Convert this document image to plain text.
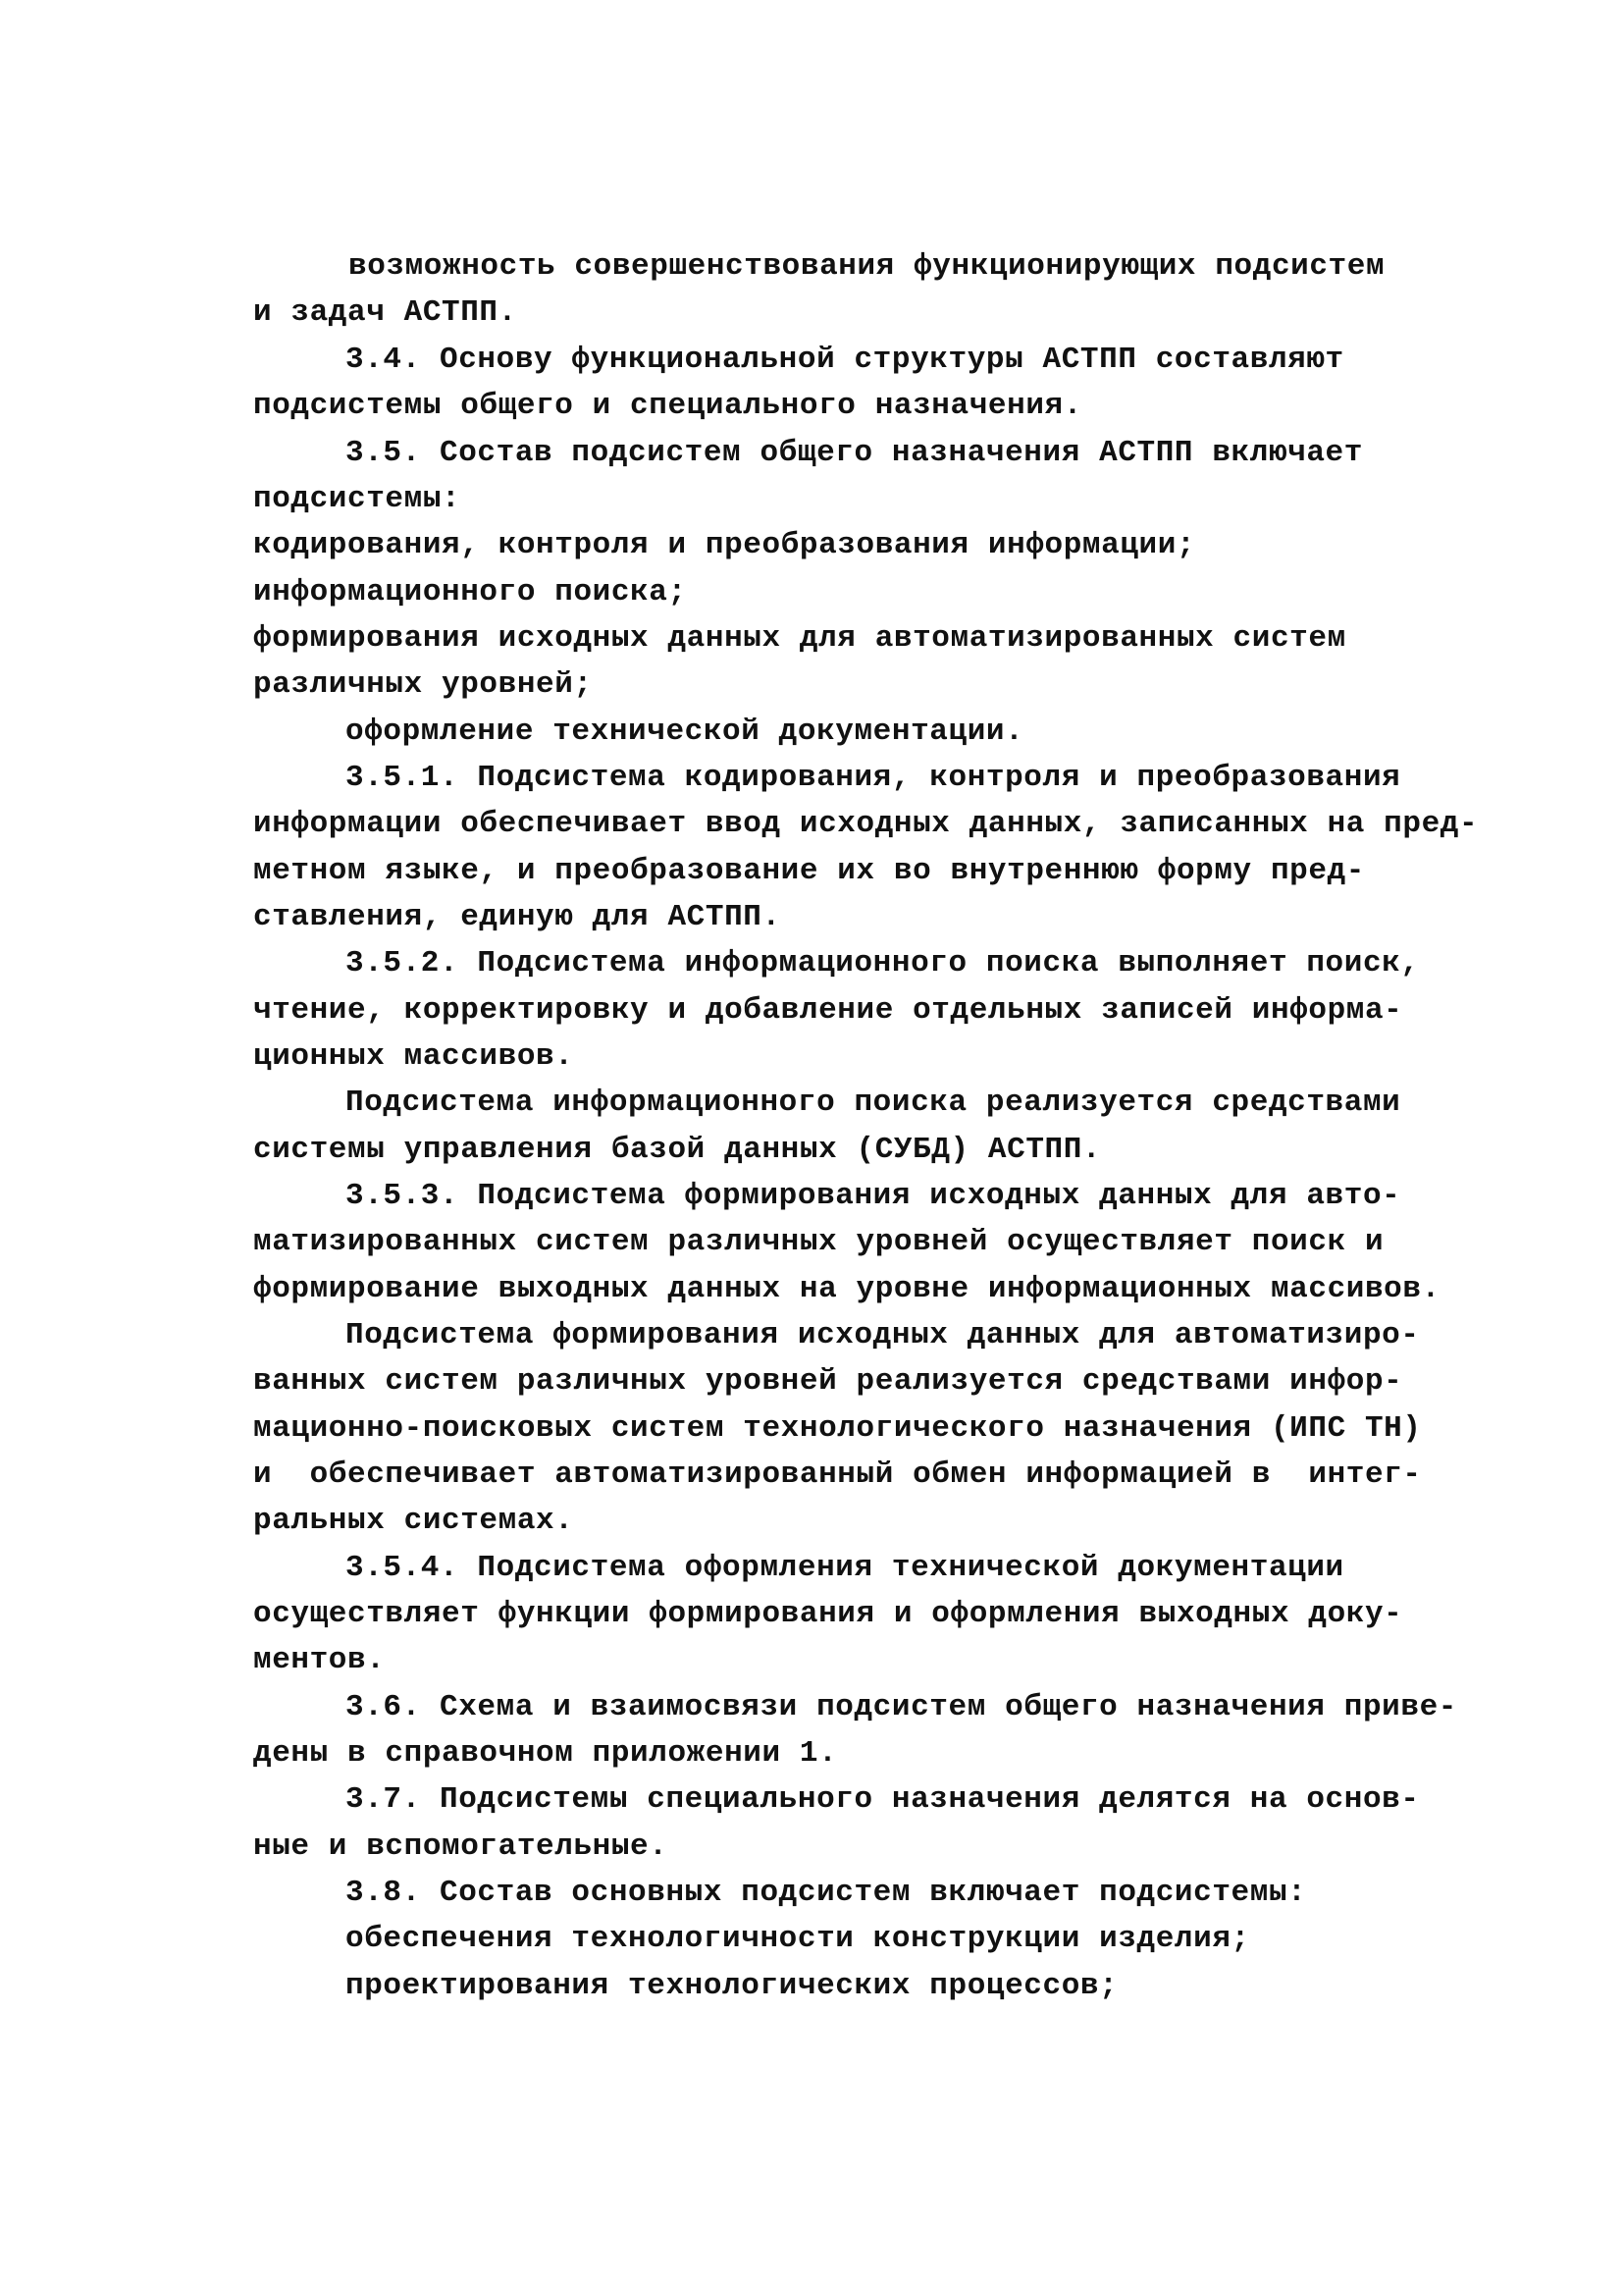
возможность совершенствования функционирующих подсистем
и задач АСТПП.
3.4. Основу функциональной структуры АСТПП составляют
подсистемы общего и специального назначения.
3.5. Состав подсистем общего назначения АСТПП включает
подсистемы:
кодирования, контроля и преобразования информации;
информационного поиска;
формирования исходных данных для автоматизированных систем
различных уровней;
оформление технической документации.
3.5.1. Подсистема кодирования, контроля и преобразования
информации обеспечивает ввод исходных данных, записанных на пред-
метном языке, и преобразование их во внутреннюю форму пред-
ставления, единую для АСТПП.
3.5.2. Подсистема информационного поиска выполняет поиск,
чтение, корректировку и добавление отдельных записей информа-
ционных массивов.
Подсистема информационного поиска реализуется средствами
системы управления базой данных (СУБД) АСТПП.
3.5.3. Подсистема формирования исходных данных для авто-
матизированных систем различных уровней осуществляет поиск и
формирование выходных данных на уровне информационных массивов.
Подсистема формирования исходных данных для автоматизиро-
ванных систем различных уровней реализуется средствами инфор-
мационно-поисковых систем технологического назначения (ИПС ТН)
и  обеспечивает автоматизированный обмен информацией в  интег-
ральных системах.
3.5.4. Подсистема оформления технической документации
осуществляет функции формирования и оформления выходных доку-
ментов.
3.6. Схема и взаимосвязи подсистем общего назначения приве-
дены в справочном приложении 1.
3.7. Подсистемы специального назначения делятся на основ-
ные и вспомогательные.
3.8. Состав основных подсистем включает подсистемы:
обеспечения технологичности конструкции изделия;
проектирования технологических процессов;
